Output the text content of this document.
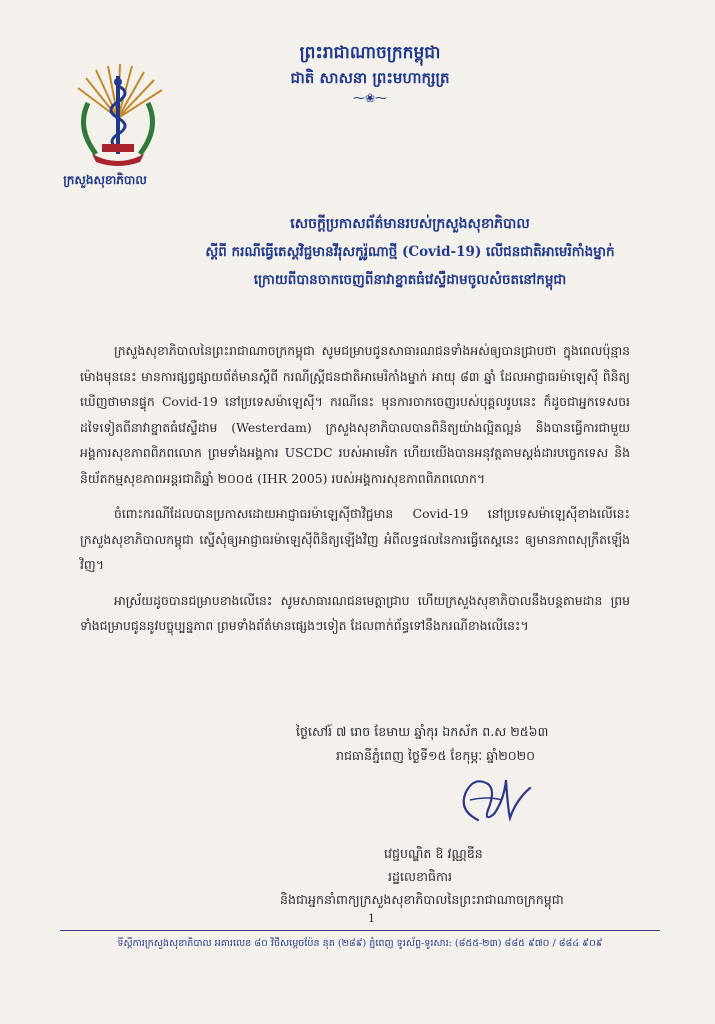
ក្រសួងសុខាភិបាល
ព្រះរាជាណាចក្រកម្ពុជា
ជាតិ សាសនា ព្រះមហាក្សត្រ
⁓❀⁓
សេចក្តីប្រកាសព័ត៌មានរបស់ក្រសួងសុខាភិបាល
ស្តីពី ករណីធ្វើតេស្តវិជ្ជមានវីរុសកូរ៉ូណាថ្មី (Covid-19) លើជនជាតិអាមេរិកាំងម្នាក់
ក្រោយពីបានចាកចេញពីនាវាខ្នាតធំវេស្ទឺដាមចូលសំចតនៅកម្ពុជា

ក្រសួងសុខាភិបាលនៃព្រះរាជាណាចក្រកម្ពុជា សូមជម្រាបជូនសាធារណជនទាំងអស់ឲ្យបានជ្រាបថា ក្នុងពេលប៉ុន្មានម៉ោងមុននេះ មានការផ្សព្វផ្សាយព័ត៌មានស្តីពី ករណីស្ត្រីជនជាតិអាមេរិកាំងម្នាក់ អាយុ ៨៣ ឆ្នាំ ដែលអាជ្ញាធរម៉ាឡេស៊ី ពិនិត្យឃើញថាមានផ្ទុក Covid-19 នៅប្រទេសម៉ាឡេស៊ី។ ករណីនេះ មុនការចាកចេញរបស់បុគ្គលរូបនេះ ក៏ដូចជាអ្នកទេសចរដទៃទៀតពីនាវាខ្នាតធំវេស្ទឺដាម (Westerdam) ក្រសួងសុខាភិបាលបានពិនិត្យយ៉ាងល្អិតល្អន់ និងបានធ្វើការជាមួយអង្គការសុខភាពពិភពលោក ព្រមទាំងអង្គការ USCDC របស់អាមេរិក ហើយយើងបានអនុវត្តតាមស្តង់ដារបច្ចេកទេស និងនិយ័តកម្មសុខភាពអន្តរជាតិឆ្នាំ ២០០៥ (IHR 2005) របស់អង្គការសុខភាពពិភពលោក។

ចំពោះករណីដែលបានប្រកាសដោយអាជ្ញាធរម៉ាឡេស៊ីថាវិជ្ជមាន Covid-19 នៅប្រទេសម៉ាឡេស៊ីខាងលើនេះ ក្រសួងសុខាភិបាលកម្ពុជា ស្នើសុំឲ្យអាជ្ញាធរម៉ាឡេស៊ីពិនិត្យឡើងវិញ អំពីលទ្ធផលនៃការធ្វើតេស្តនេះ ឲ្យមានភាពសុក្រឹតឡើងវិញ។

អាស្រ័យដូចបានជម្រាបខាងលើនេះ សូមសាធារណជនមេត្តាជ្រាប ហើយក្រសួងសុខាភិបាលនឹងបន្តតាមដាន ព្រមទាំងជម្រាបជូននូវបច្ចុប្បន្នភាព ព្រមទាំងព័ត៌មានផ្សេងៗទៀត ដែលពាក់ព័ន្ធទៅនឹងករណីខាងលើនេះ។

ថ្ងៃសៅរ៍ ៧ រោច ខែមាឃ ឆ្នាំកុរ ឯកស័ក ព.ស ២៥៦៣
រាជធានីភ្នំពេញ ថ្ងៃទី១៥ ខែកុម្ភៈ ឆ្នាំ២០២០
វេជ្ជបណ្ឌិត ឱ វណ្ណឌីន
រដ្ឋលេខាធិការ
និងជាអ្នកនាំពាក្យក្រសួងសុខាភិបាលនៃព្រះរាជាណាចក្រកម្ពុជា
1
ទីស្តីការក្រសួងសុខាភិបាល អគារលេខ ៨០ វិថីសម្តេចប៉ែន នុត (២៨៩) ភ្នំពេញ ទូរស័ព្ទ-ទូរសារ: (៨៥៥-២៣) ៨៨៥ ៩៧០ / ៨៨៤ ៩០៩
